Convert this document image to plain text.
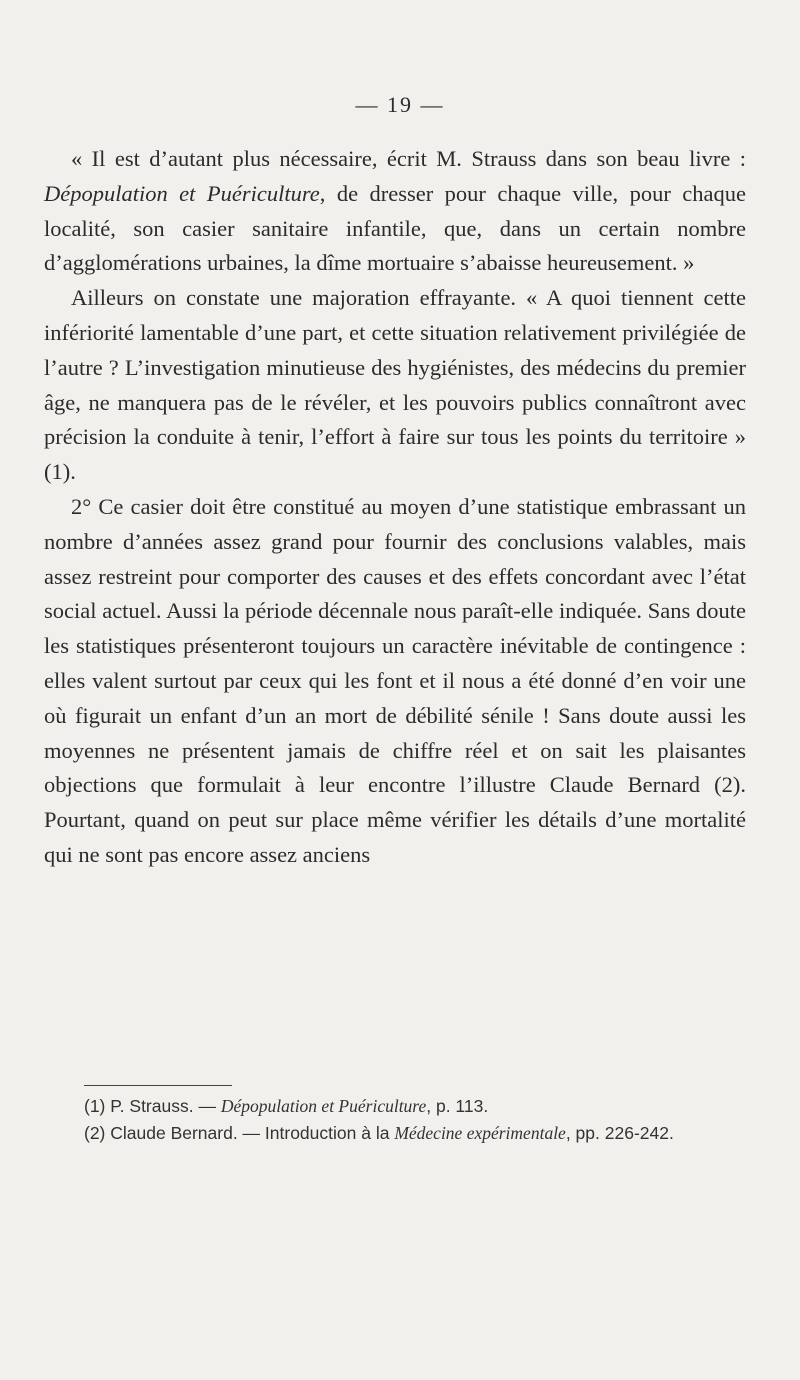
— 19 —

« Il est d’autant plus nécessaire, écrit M. Strauss dans son beau livre : Dépopulation et Puériculture, de dresser pour chaque ville, pour chaque localité, son casier sanitaire infantile, que, dans un certain nombre d’agglomérations urbaines, la dîme mortuaire s’abaisse heureusement. »

Ailleurs on constate une majoration effrayante. « A quoi tiennent cette infériorité lamentable d’une part, et cette situation relativement privilégiée de l’autre ? L’investigation minutieuse des hygiénistes, des médecins du premier âge, ne manquera pas de le révéler, et les pouvoirs publics connaîtront avec précision la conduite à tenir, l’effort à faire sur tous les points du territoire » (1).

2° Ce casier doit être constitué au moyen d’une statistique embrassant un nombre d’années assez grand pour fournir des conclusions valables, mais assez restreint pour comporter des causes et des effets concordant avec l’état social actuel. Aussi la période décennale nous paraît-elle indiquée. Sans doute les statistiques présenteront toujours un caractère inévitable de contingence : elles valent surtout par ceux qui les font et il nous a été donné d’en voir une où figurait un enfant d’un an mort de débilité sénile ! Sans doute aussi les moyennes ne présentent jamais de chiffre réel et on sait les plaisantes objections que formulait à leur encontre l’illustre Claude Bernard (2). Pourtant, quand on peut sur place même vérifier les détails d’une mortalité qui ne sont pas encore assez anciens

(1) P. Strauss. — Dépopulation et Puériculture, p. 113.

(2) Claude Bernard. — Introduction à la Médecine expérimentale, pp. 226-242.
